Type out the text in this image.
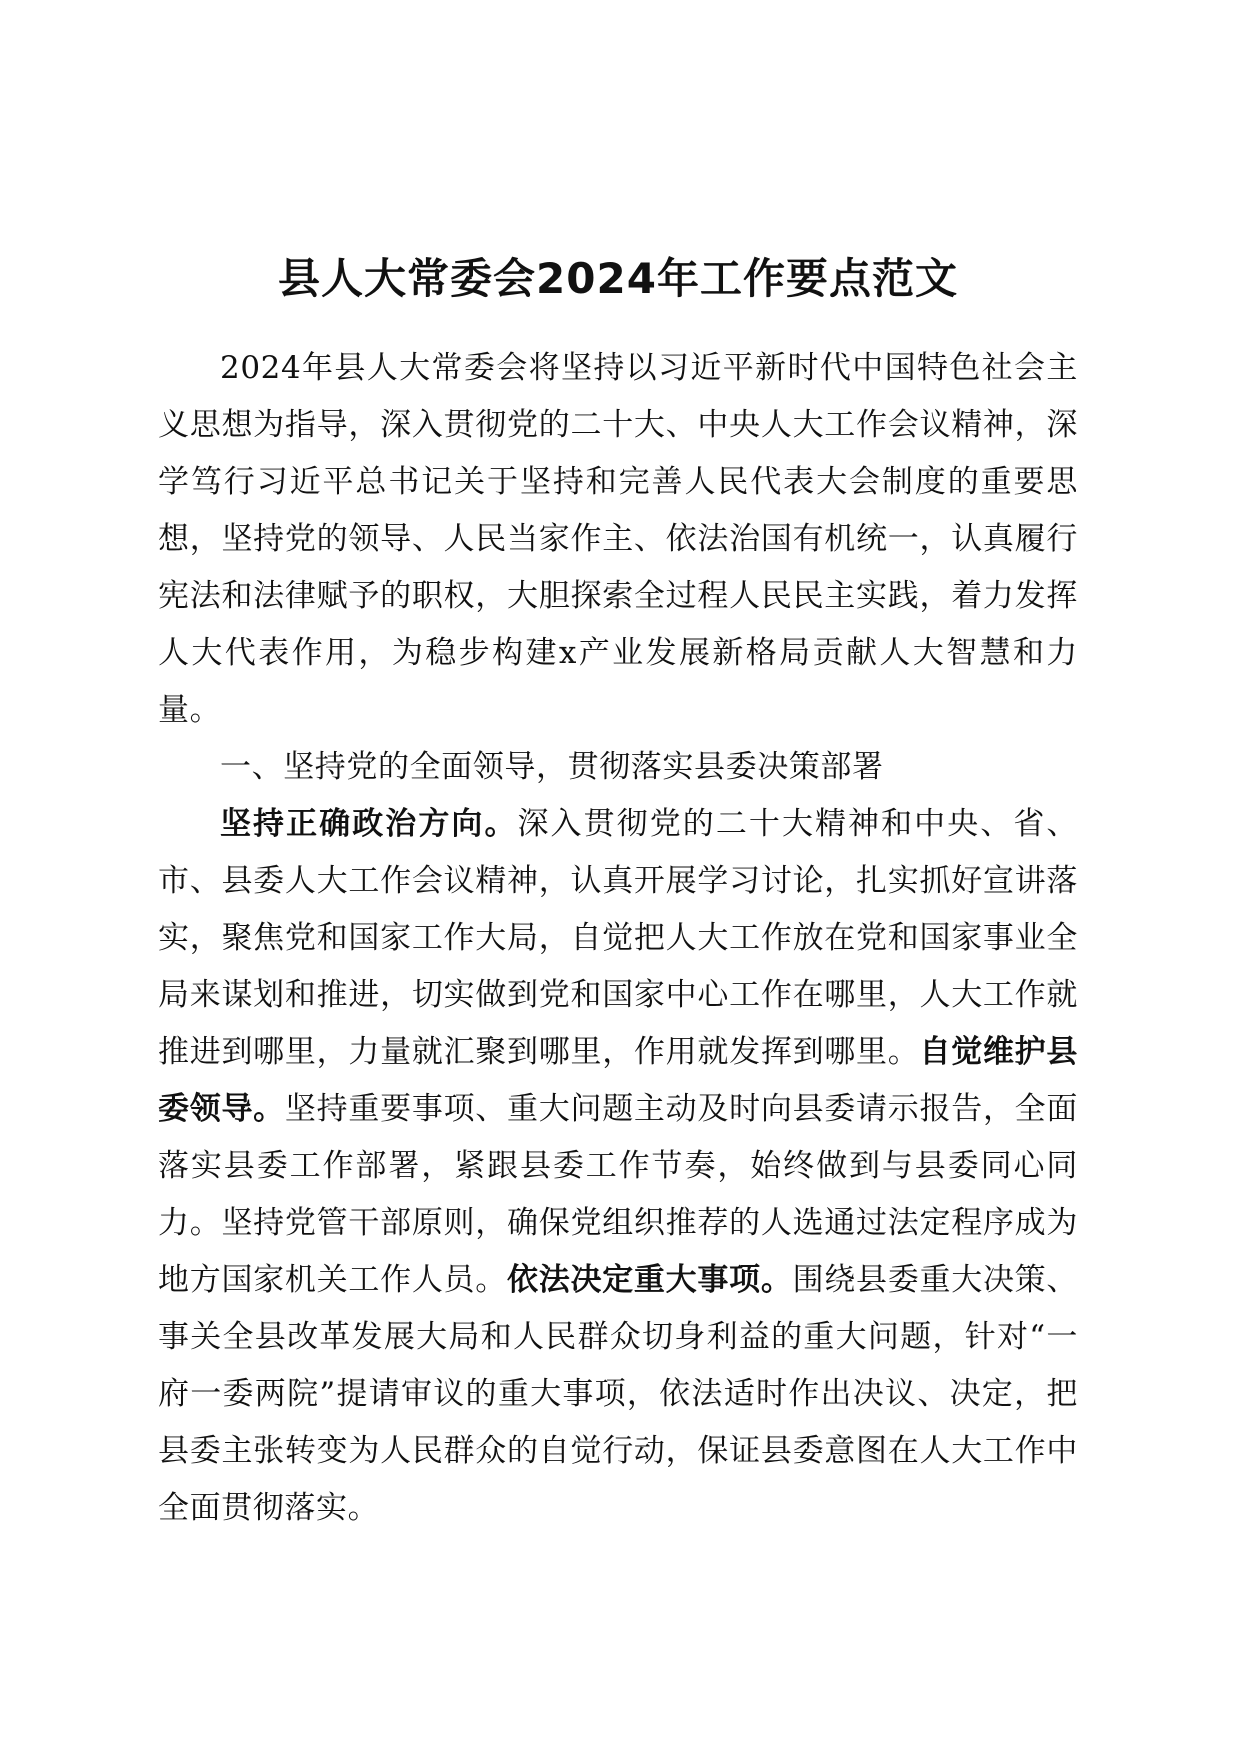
县人大常委会2024年工作要点范文

2024年县人大常委会将坚持以习近平新时代中国特色社会主义思想为指导，深入贯彻党的二十大、中央人大工作会议精神，深学笃行习近平总书记关于坚持和完善人民代表大会制度的重要思想，坚持党的领导、人民当家作主、依法治国有机统一，认真履行宪法和法律赋予的职权，大胆探索全过程人民民主实践，着力发挥人大代表作用，为稳步构建x产业发展新格局贡献人大智慧和力量。

一、坚持党的全面领导，贯彻落实县委决策部署

坚持正确政治方向。深入贯彻党的二十大精神和中央、省、市、县委人大工作会议精神，认真开展学习讨论，扎实抓好宣讲落实，聚焦党和国家工作大局，自觉把人大工作放在党和国家事业全局来谋划和推进，切实做到党和国家中心工作在哪里，人大工作就推进到哪里，力量就汇聚到哪里，作用就发挥到哪里。自觉维护县委领导。坚持重要事项、重大问题主动及时向县委请示报告，全面落实县委工作部署，紧跟县委工作节奏，始终做到与县委同心同力。坚持党管干部原则，确保党组织推荐的人选通过法定程序成为地方国家机关工作人员。依法决定重大事项。围绕县委重大决策、事关全县改革发展大局和人民群众切身利益的重大问题，针对“一府一委两院”提请审议的重大事项，依法适时作出决议、决定，把县委主张转变为人民群众的自觉行动，保证县委意图在人大工作中全面贯彻落实。
